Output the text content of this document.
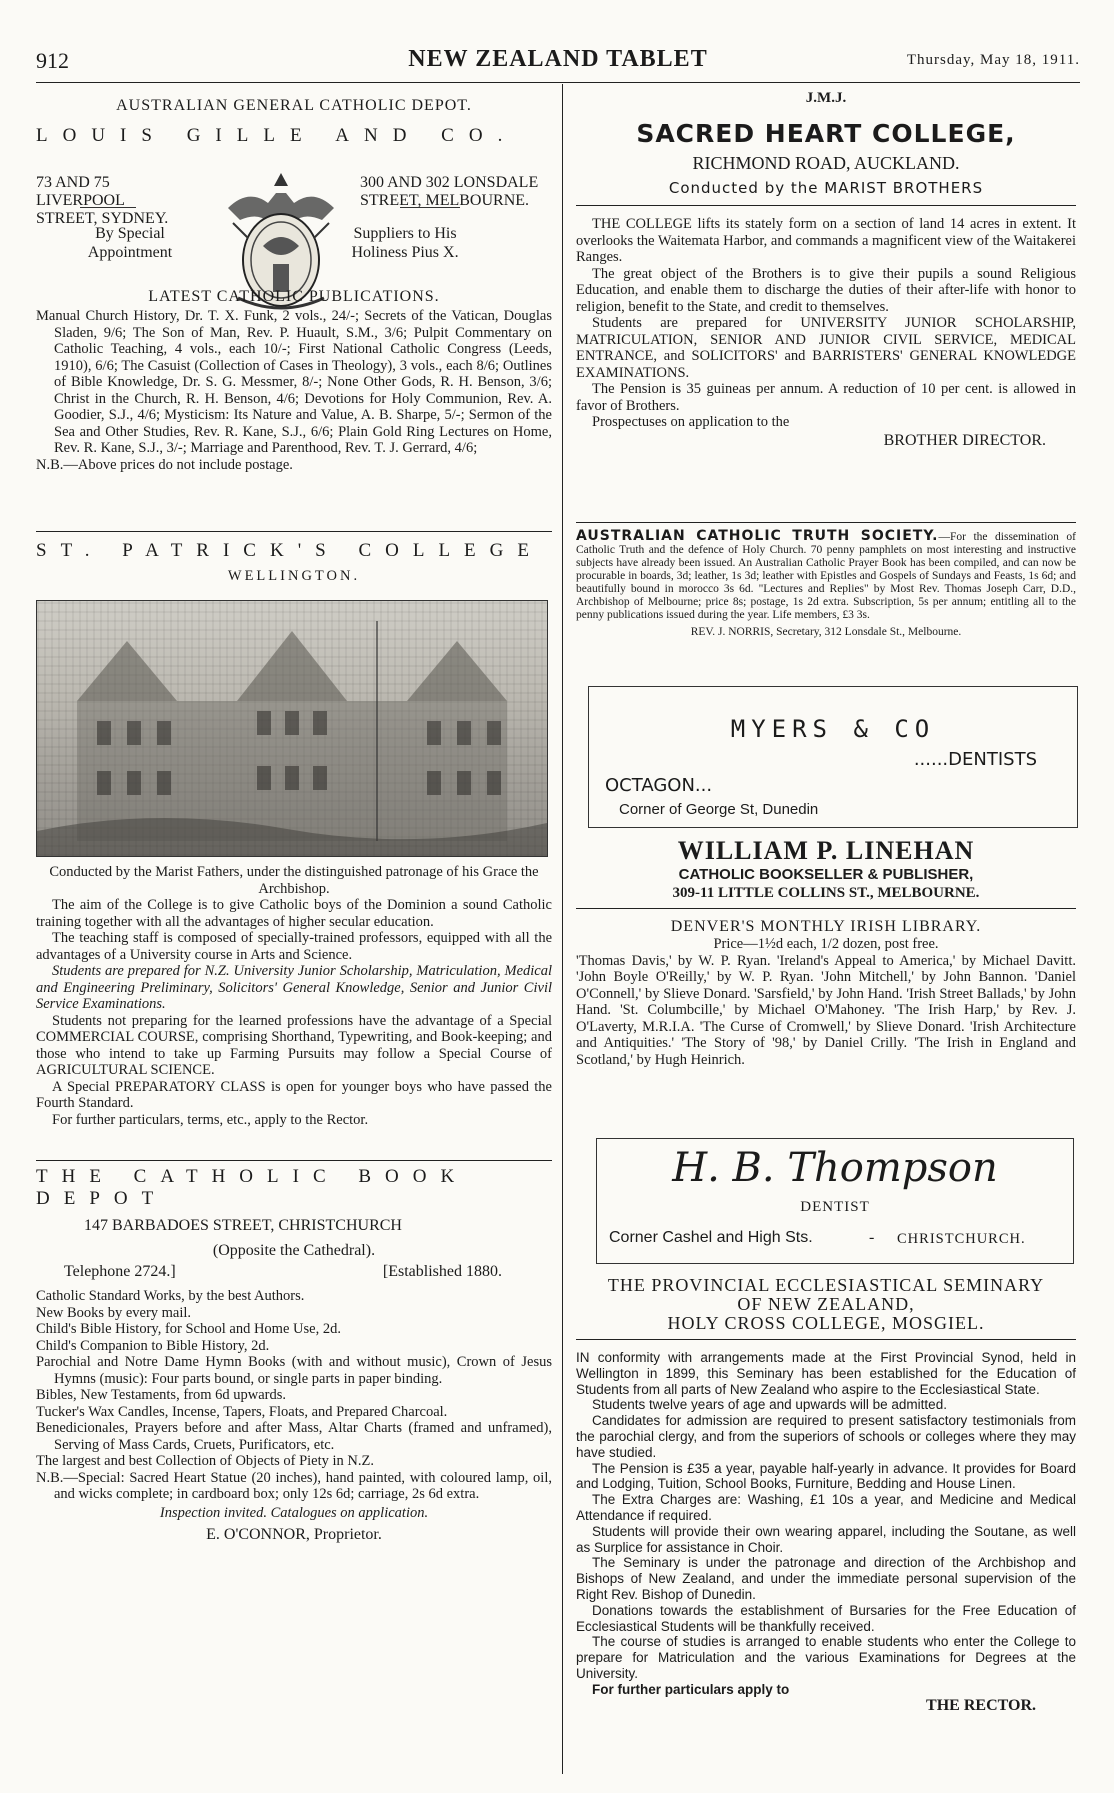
912	NEW ZEALAND TABLET	Thursday, May 18, 1911.
AUSTRALIAN GENERAL CATHOLIC DEPOT.
LOUIS GILLE AND CO.
73 AND 75 LIVERPOOL STREET, SYDNEY.
300 AND 302 LONSDALE STREET, MELBOURNE.
By Special Appointment
Suppliers to His Holiness Pius X.
LATEST CATHOLIC PUBLICATIONS.

Manual Church History, Dr. T. X. Funk, 2 vols., 24/-; Secrets of the Vatican, Douglas Sladen, 9/6; The Son of Man, Rev. P. Huault, S.M., 3/6; Pulpit Commentary on Catholic Teaching, 4 vols., each 10/-; First National Catholic Congress (Leeds, 1910), 6/6; The Casuist (Collection of Cases in Theology), 3 vols., each 8/6; Outlines of Bible Knowledge, Dr. S. G. Messmer, 8/-; None Other Gods, R. H. Benson, 3/6; Christ in the Church, R. H. Benson, 4/6; Devotions for Holy Communion, Rev. A. Goodier, S.J., 4/6; Mysticism: Its Nature and Value, A. B. Sharpe, 5/-; Sermon of the Sea and Other Studies, Rev. R. Kane, S.J., 6/6; Plain Gold Ring Lectures on Home, Rev. R. Kane, S.J., 3/-; Marriage and Parenthood, Rev. T. J. Gerrard, 4/6;

N.B.—Above prices do not include postage.

ST. PATRICK'S COLLEGE
WELLINGTON.

Conducted by the Marist Fathers, under the distinguished patronage of his Grace the Archbishop.

The aim of the College is to give Catholic boys of the Dominion a sound Catholic training together with all the advantages of higher secular education.

The teaching staff is composed of specially-trained professors, equipped with all the advantages of a University course in Arts and Science.

Students are prepared for N.Z. University Junior Scholarship, Matriculation, Medical and Engineering Preliminary, Solicitors' General Knowledge, Senior and Junior Civil Service Examinations.

Students not preparing for the learned professions have the advantage of a Special COMMERCIAL COURSE, comprising Shorthand, Typewriting, and Book-keeping; and those who intend to take up Farming Pursuits may follow a Special Course of AGRICULTURAL SCIENCE.

A Special PREPARATORY CLASS is open for younger boys who have passed the Fourth Standard.

For further particulars, terms, etc., apply to the Rector.

THE CATHOLIC BOOK DEPOT
147 BARBADOES STREET, CHRISTCHURCH
(Opposite the Cathedral).
Telephone 2724.]	[Established 1880.

Catholic Standard Works, by the best Authors.

New Books by every mail.

Child's Bible History, for School and Home Use, 2d.

Child's Companion to Bible History, 2d.

Parochial and Notre Dame Hymn Books (with and without music), Crown of Jesus Hymns (music): Four parts bound, or single parts in paper binding.

Bibles, New Testaments, from 6d upwards.

Tucker's Wax Candles, Incense, Tapers, Floats, and Prepared Charcoal.

Benedicionales, Prayers before and after Mass, Altar Charts (framed and unframed), Serving of Mass Cards, Cruets, Purificators, etc.

The largest and best Collection of Objects of Piety in N.Z.

N.B.—Special: Sacred Heart Statue (20 inches), hand painted, with coloured lamp, oil, and wicks complete; in cardboard box; only 12s 6d; carriage, 2s 6d extra.

Inspection invited. Catalogues on application.
E. O'CONNOR, Proprietor.
J.M.J.
SACRED HEART COLLEGE,
RICHMOND ROAD, AUCKLAND.
Conducted by the MARIST BROTHERS

THE COLLEGE lifts its stately form on a section of land 14 acres in extent. It overlooks the Waitemata Harbor, and commands a magnificent view of the Waitakerei Ranges.

The great object of the Brothers is to give their pupils a sound Religious Education, and enable them to discharge the duties of their after-life with honor to religion, benefit to the State, and credit to themselves.

Students are prepared for UNIVERSITY JUNIOR SCHOLARSHIP, MATRICULATION, SENIOR AND JUNIOR CIVIL SERVICE, MEDICAL ENTRANCE, and SOLICITORS' and BARRISTERS' GENERAL KNOWLEDGE EXAMINATIONS.

The Pension is 35 guineas per annum. A reduction of 10 per cent. is allowed in favor of Brothers.

Prospectuses on application to the

BROTHER DIRECTOR.

AUSTRALIAN CATHOLIC TRUTH SOCIETY.—For the dissemination of Catholic Truth and the defence of Holy Church. 70 penny pamphlets on most interesting and instructive subjects have already been issued. An Australian Catholic Prayer Book has been compiled, and can now be procurable in boards, 3d; leather, 1s 3d; leather with Epistles and Gospels of Sundays and Feasts, 1s 6d; and beautifully bound in morocco 3s 6d. "Lectures and Replies" by Most Rev. Thomas Joseph Carr, D.D., Archbishop of Melbourne; price 8s; postage, 1s 2d extra. Subscription, 5s per annum; entitling all to the penny publications issued during the year. Life members, £3 3s.
REV. J. NORRIS, Secretary, 312 Lonsdale St., Melbourne.
MYERS & CO
......DENTISTS
OCTAGON...
Corner of George St, Dunedin
WILLIAM P. LINEHAN
CATHOLIC BOOKSELLER & PUBLISHER,
309-11 LITTLE COLLINS ST., MELBOURNE.
DENVER'S MONTHLY IRISH LIBRARY.
Price—1½d each, 1/2 dozen, post free.

'Thomas Davis,' by W. P. Ryan. 'Ireland's Appeal to America,' by Michael Davitt. 'John Boyle O'Reilly,' by W. P. Ryan. 'John Mitchell,' by John Bannon. 'Daniel O'Connell,' by Slieve Donard. 'Sarsfield,' by John Hand. 'Irish Street Ballads,' by John Hand. 'St. Columbcille,' by Michael O'Mahoney. 'The Irish Harp,' by Rev. J. O'Laverty, M.R.I.A. 'The Curse of Cromwell,' by Slieve Donard. 'Irish Architecture and Antiquities.' 'The Story of '98,' by Daniel Crilly. 'The Irish in England and Scotland,' by Hugh Heinrich.

H. B. Thompson
DENTIST
Corner Cashel and High Sts.	- CHRISTCHURCH.
THE PROVINCIAL ECCLESIASTICAL SEMINARY
OF NEW ZEALAND,
HOLY CROSS COLLEGE, MOSGIEL.

IN conformity with arrangements made at the First Provincial Synod, held in Wellington in 1899, this Seminary has been established for the Education of Students from all parts of New Zealand who aspire to the Ecclesiastical State.

Students twelve years of age and upwards will be admitted.

Candidates for admission are required to present satisfactory testimonials from the parochial clergy, and from the superiors of schools or colleges where they may have studied.

The Pension is £35 a year, payable half-yearly in advance. It provides for Board and Lodging, Tuition, School Books, Furniture, Bedding and House Linen.

The Extra Charges are: Washing, £1 10s a year, and Medicine and Medical Attendance if required.

Students will provide their own wearing apparel, including the Soutane, as well as Surplice for assistance in Choir.

The Seminary is under the patronage and direction of the Archbishop and Bishops of New Zealand, and under the immediate personal supervision of the Right Rev. Bishop of Dunedin.

Donations towards the establishment of Bursaries for the Free Education of Ecclesiastical Students will be thankfully received.

The course of studies is arranged to enable students who enter the College to prepare for Matriculation and the various Examinations for Degrees at the University.

For further particulars apply to

THE RECTOR.
